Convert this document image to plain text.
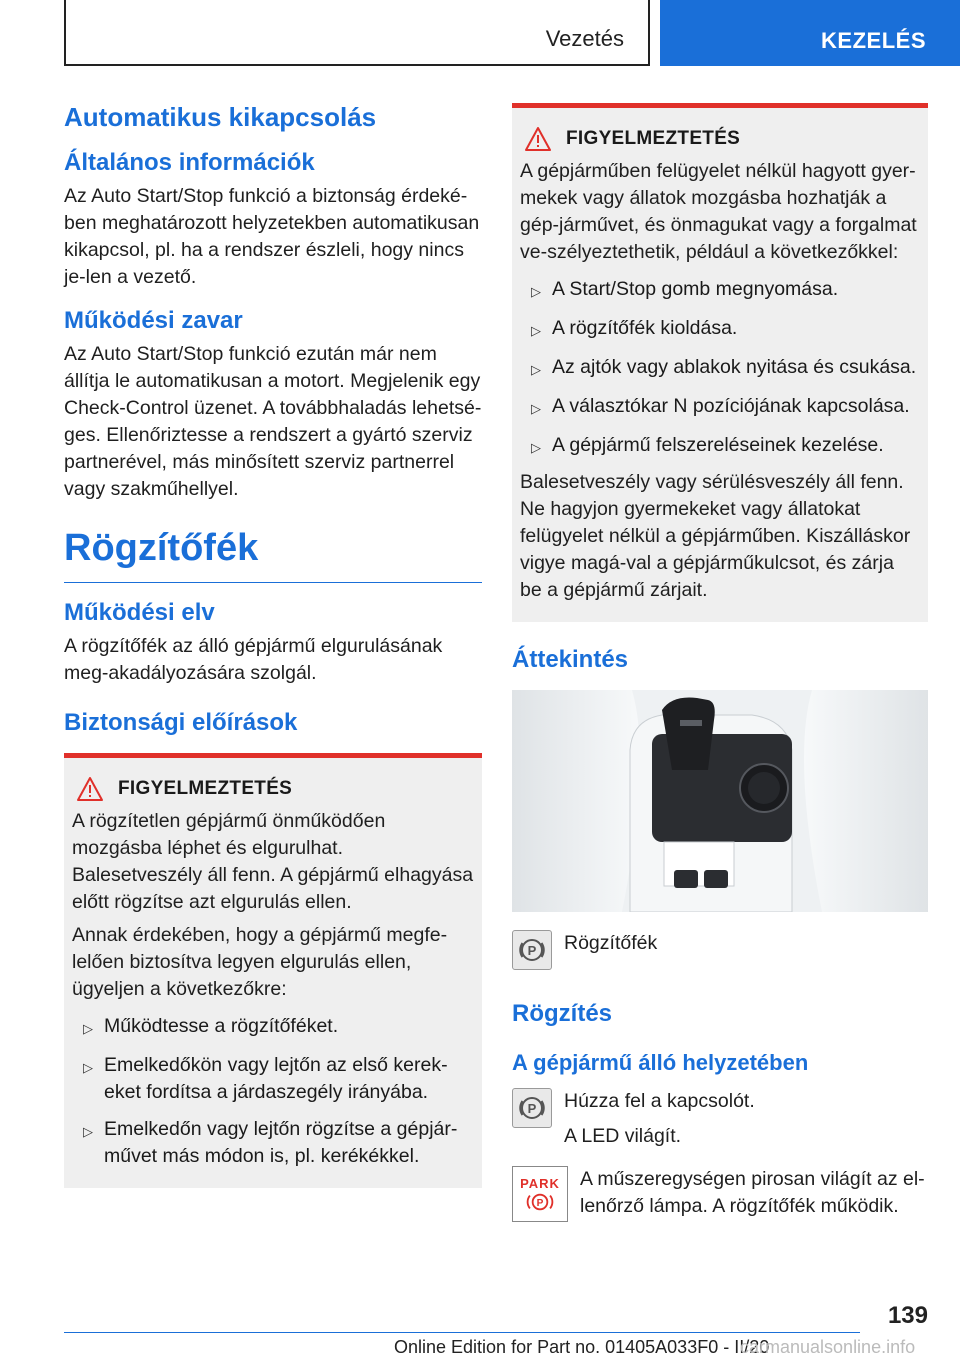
Vezetés	KEZELÉS
Automatikus kikapcsolás
Általános információk
Az Auto Start/Stop funkció a biztonság érdeké-ben meghatározott helyzetekben automatikusan kikapcsol, pl. ha a rendszer észleli, hogy nincs je-len a vezető.
Működési zavar
Az Auto Start/Stop funkció ezután már nem állítja le automatikusan a motort. Megjelenik egy Check-Control üzenet. A továbbhaladás lehetsé-ges. Ellenőriztesse a rendszert a gyártó szerviz partnerével, más minősített szerviz partnerrel vagy szakműhellyel.
Rögzítőfék
Működési elv
A rögzítőfék az álló gépjármű elgurulásának meg-akadályozására szolgál.
Biztonsági előírások
FIGYELMEZTETÉS
A rögzítetlen gépjármű önműködően mozgásba léphet és elgurulhat. Balesetveszély áll fenn. A gépjármű elhagyása előtt rögzítse azt elgurulás ellen.
Annak érdekében, hogy a gépjármű megfe-lelően biztosítva legyen elgurulás ellen, ügyeljen a következőkre:
▷ Működtesse a rögzítőféket.
▷ Emelkedőkön vagy lejtőn az első kerek-eket fordítsa a járdaszegély irányába.
▷ Emelkedőn vagy lejtőn rögzítse a gépjár-művet más módon is, pl. kerékékkel.
FIGYELMEZTETÉS
A gépjárműben felügyelet nélkül hagyott gyer-mekek vagy állatok mozgásba hozhatják a gép-járművet, és önmagukat vagy a forgalmat ve-szélyeztethetik, például a következőkkel:
▷ A Start/Stop gomb megnyomása.
▷ A rögzítőfék kioldása.
▷ Az ajtók vagy ablakok nyitása és csukása.
▷ A választókar N pozíciójának kapcsolása.
▷ A gépjármű felszereléseinek kezelése.
Balesetveszély vagy sérülésveszély áll fenn. Ne hagyjon gyermekeket vagy állatokat felügyelet nélkül a gépjárműben. Kiszálláskor vigye magá-val a gépjárműkulcsot, és zárja be a gépjármű zárjait.
Áttekintés
P Rögzítőfék
Rögzítés
A gépjármű álló helyzetében
P Húzza fel a kapcsolót.
A LED világít.
PARK
P
A műszeregységen pirosan világít az el-lenőrző lámpa. A rögzítőfék működik.
139
Online Edition for Part no. 01405A033F0 - II/20
carmanualsonline.info
